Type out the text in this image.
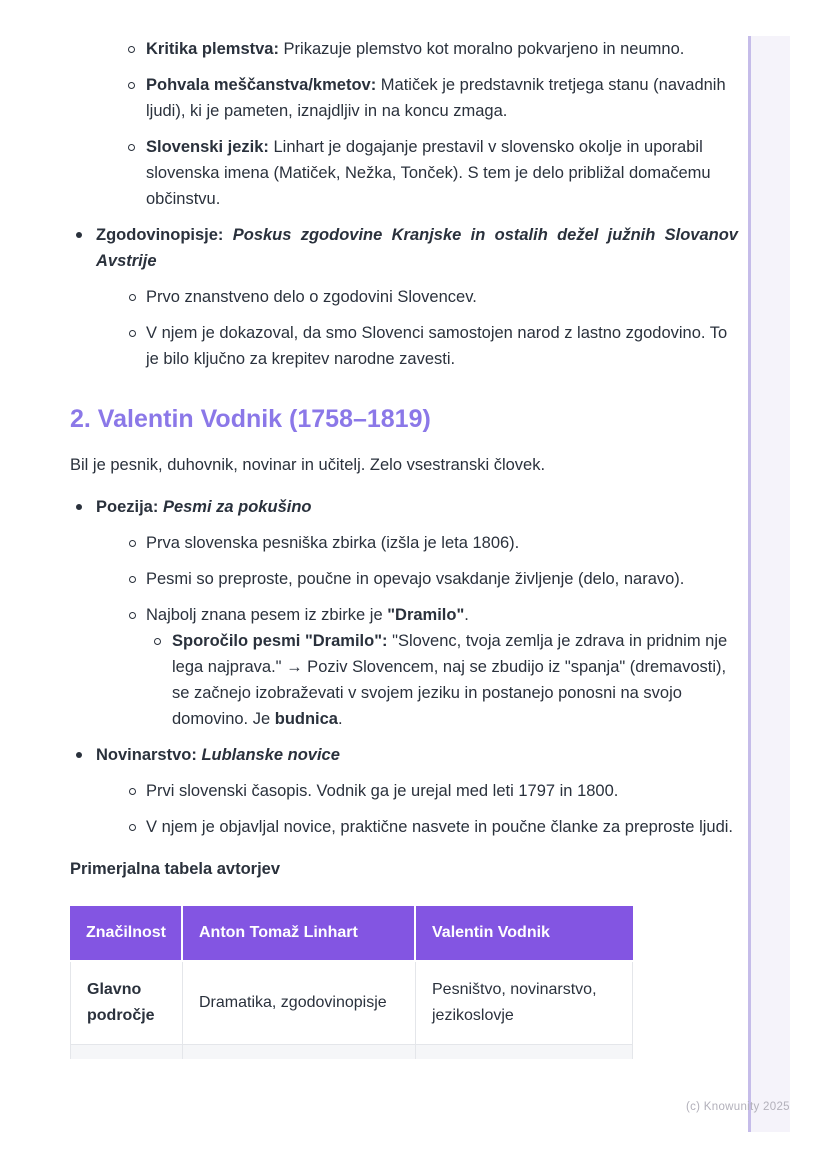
Kritika plemstva: Prikazuje plemstvo kot moralno pokvarjeno in neumno.
Pohvala meščanstva/kmetov: Matiček je predstavnik tretjega stanu (navadnih ljudi), ki je pameten, iznajdljiv in na koncu zmaga.
Slovenski jezik: Linhart je dogajanje prestavil v slovensko okolje in uporabil slovenska imena (Matiček, Nežka, Tonček). S tem je delo približal domačemu občinstvu.
Zgodovinopisje: Poskus zgodovine Kranjske in ostalih dežel južnih Slovanov Avstrije
Prvo znanstveno delo o zgodovini Slovencev.
V njem je dokazoval, da smo Slovenci samostojen narod z lastno zgodovino. To je bilo ključno za krepitev narodne zavesti.
2. Valentin Vodnik (1758–1819)

Bil je pesnik, duhovnik, novinar in učitelj. Zelo vsestranski človek.

Poezija: Pesmi za pokušino
Prva slovenska pesniška zbirka (izšla je leta 1806).
Pesmi so preproste, poučne in opevajo vsakdanje življenje (delo, naravo).
Najbolj znana pesem iz zbirke je "Dramilo".
Sporočilo pesmi "Dramilo": "Slovenc, tvoja zemlja je zdrava in pridnim nje lega najprava." → Poziv Slovencem, naj se zbudijo iz "spanja" (dremavosti), se začnejo izobraževati v svojem jeziku in postanejo ponosni na svojo domovino. Je budnica.
Novinarstvo: Lublanske novice
Prvi slovenski časopis. Vodnik ga je urejal med leti 1797 in 1800.
V njem je objavljal novice, praktične nasvete in poučne članke za preproste ljudi.

Primerjalna tabela avtorjev

Značilnost	Anton Tomaž Linhart	Valentin Vodnik
Glavno področje	Dramatika, zgodovinopisje	Pesništvo, novinarstvo, jezikoslovje

(c) Knowunity 2025
